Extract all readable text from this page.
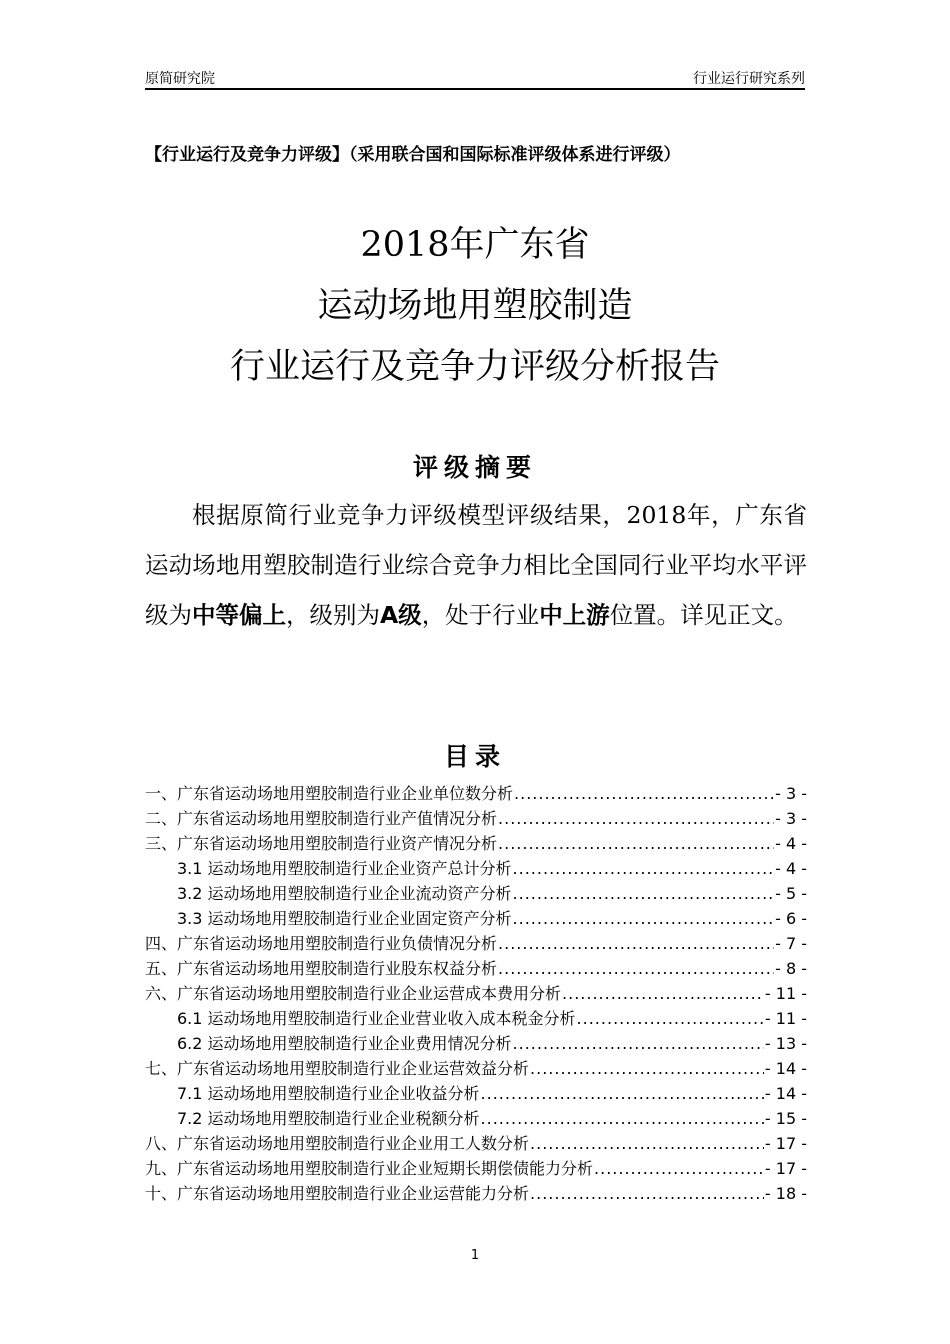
原简研究院	行业运行研究系列
【行业运行及竞争力评级】（采用联合国和国际标准评级体系进行评级）
2018年广东省
运动场地用塑胶制造
行业运行及竞争力评级分析报告
评级摘要
根据原简行业竞争力评级模型评级结果，2018年，广东省运动场地用塑胶制造行业综合竞争力相比全国同行业平均水平评级为中等偏上，级别为A级，处于行业中上游位置。详见正文。
目录
一、广东省运动场地用塑胶制造行业企业单位数分析 .....	- 3 -
二、广东省运动场地用塑胶制造行业产值情况分析 .....	- 3 -
三、广东省运动场地用塑胶制造行业资产情况分析 .....	- 4 -
3.1 运动场地用塑胶制造行业企业资产总计分析 .....	- 4 -
3.2 运动场地用塑胶制造行业企业流动资产分析 .....	- 5 -
3.3 运动场地用塑胶制造行业企业固定资产分析 .....	- 6 -
四、广东省运动场地用塑胶制造行业负债情况分析 .....	- 7 -
五、广东省运动场地用塑胶制造行业股东权益分析 .....	- 8 -
六、广东省运动场地用塑胶制造行业企业运营成本费用分析 .....	- 11 -
6.1 运动场地用塑胶制造行业企业营业收入成本税金分析 .....	- 11 -
6.2 运动场地用塑胶制造行业企业费用情况分析 .....	- 13 -
七、广东省运动场地用塑胶制造行业企业运营效益分析 .....	- 14 -
7.1 运动场地用塑胶制造行业企业收益分析 .....	- 14 -
7.2 运动场地用塑胶制造行业企业税额分析 .....	- 15 -
八、广东省运动场地用塑胶制造行业企业用工人数分析 .....	- 17 -
九、广东省运动场地用塑胶制造行业企业短期长期偿债能力分析 .....	- 17 -
十、广东省运动场地用塑胶制造行业企业运营能力分析 .....	- 18 -
1
